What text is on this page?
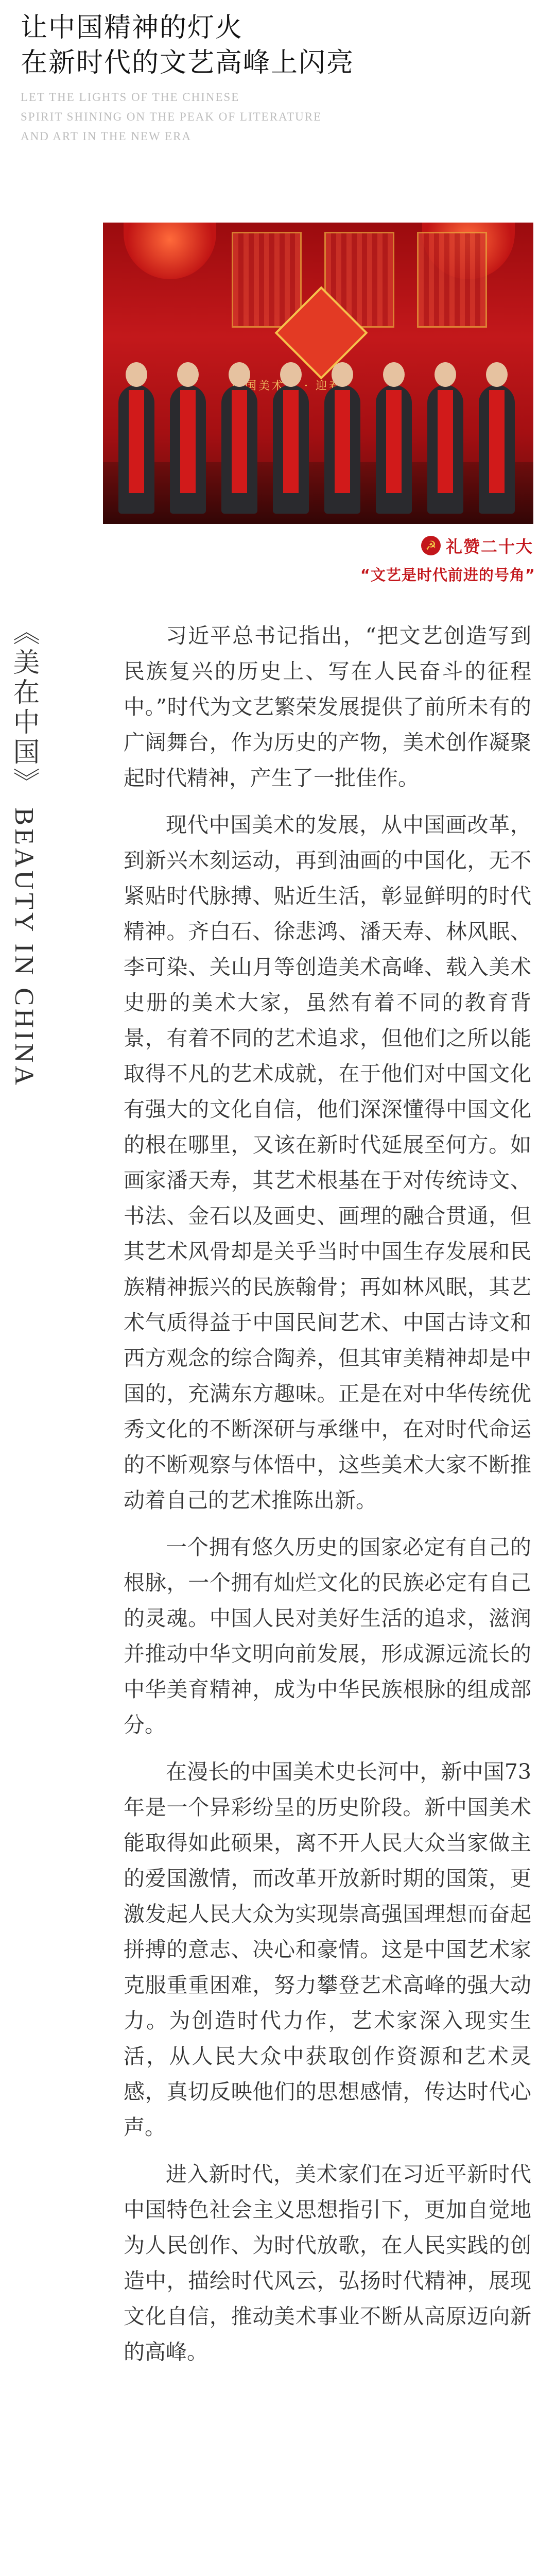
让中国精神的灯火
在新时代的文艺高峰上闪亮
LET THE LIGHTS OF THE CHINESE
SPIRIT SHINING ON THE PEAK OF LITERATURE
AND ART IN THE NEW ERA
中国美术馆 · 迎春
☭ 礼赞二十大
“文艺是时代前进的号角”
《美在中国》 BEAUTY IN CHINA

习近平总书记指出，“把文艺创造写到民族复兴的历史上、写在人民奋斗的征程中。”时代为文艺繁荣发展提供了前所未有的广阔舞台，作为历史的产物，美术创作凝聚起时代精神，产生了一批佳作。

现代中国美术的发展，从中国画改革，到新兴木刻运动，再到油画的中国化，无不紧贴时代脉搏、贴近生活，彰显鲜明的时代精神。齐白石、徐悲鸿、潘天寿、林风眠、李可染、关山月等创造美术高峰、载入美术史册的美术大家，虽然有着不同的教育背景，有着不同的艺术追求，但他们之所以能取得不凡的艺术成就，在于他们对中国文化有强大的文化自信，他们深深懂得中国文化的根在哪里，又该在新时代延展至何方。如画家潘天寿，其艺术根基在于对传统诗文、书法、金石以及画史、画理的融合贯通，但其艺术风骨却是关乎当时中国生存发展和民族精神振兴的民族翰骨；再如林风眠，其艺术气质得益于中国民间艺术、中国古诗文和西方观念的综合陶养，但其审美精神却是中国的，充满东方趣味。正是在对中华传统优秀文化的不断深研与承继中，在对时代命运的不断观察与体悟中，这些美术大家不断推动着自己的艺术推陈出新。

一个拥有悠久历史的国家必定有自己的根脉，一个拥有灿烂文化的民族必定有自己的灵魂。中国人民对美好生活的追求，滋润并推动中华文明向前发展，形成源远流长的中华美育精神，成为中华民族根脉的组成部分。

在漫长的中国美术史长河中，新中国73年是一个异彩纷呈的历史阶段。新中国美术能取得如此硕果，离不开人民大众当家做主的爱国激情，而改革开放新时期的国策，更激发起人民大众为实现崇高强国理想而奋起拼搏的意志、决心和豪情。这是中国艺术家克服重重困难，努力攀登艺术高峰的强大动力。为创造时代力作，艺术家深入现实生活，从人民大众中获取创作资源和艺术灵感，真切反映他们的思想感情，传达时代心声。

进入新时代，美术家们在习近平新时代中国特色社会主义思想指引下，更加自觉地为人民创作、为时代放歌，在人民实践的创造中，描绘时代风云，弘扬时代精神，展现文化自信，推动美术事业不断从高原迈向新的高峰。
